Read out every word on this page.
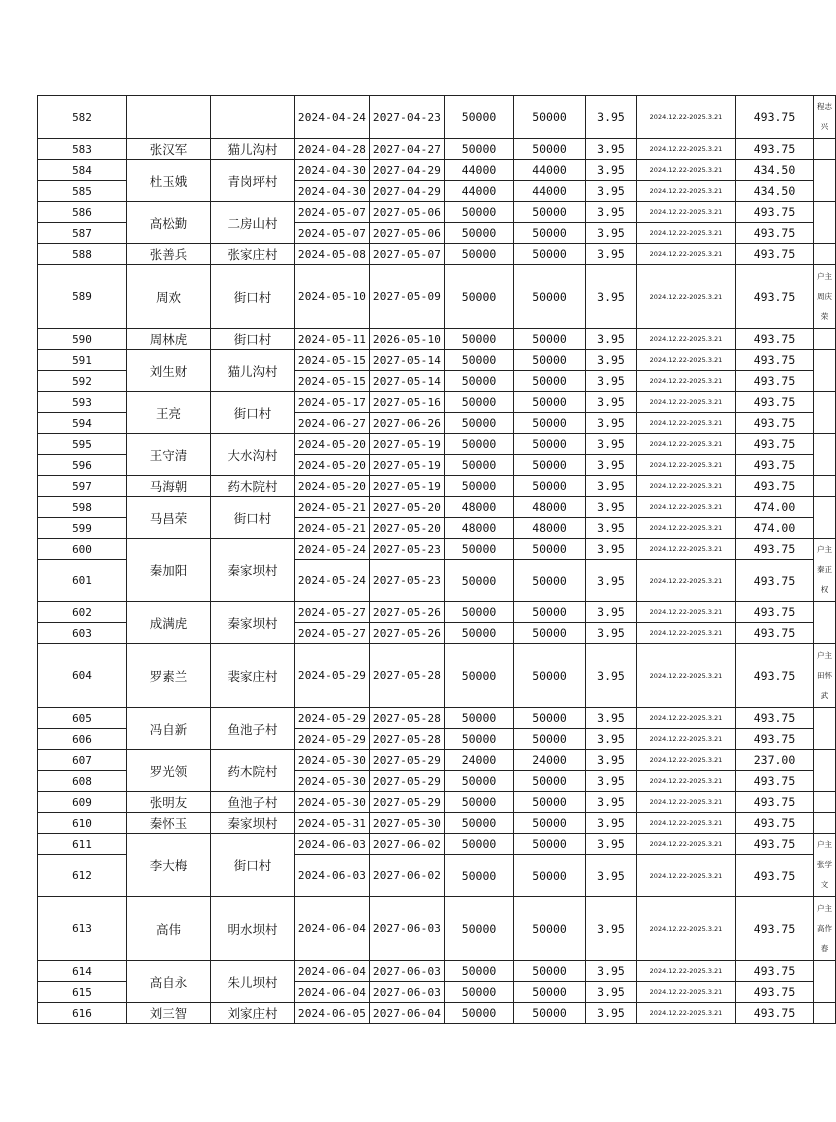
582			2024-04-24	2027-04-23	50000	50000	3.95	2024.12.22-2025.3.21	493.75	程志兴

583	张汉军	猫儿沟村	2024-04-28	2027-04-27	50000	50000	3.95	2024.12.22-2025.3.21	493.75	

584	杜玉娥	青岗坪村	2024-04-30	2027-04-29	44000	44000	3.95	2024.12.22-2025.3.21	434.50	

585			2024-04-30	2027-04-29	44000	44000	3.95	2024.12.22-2025.3.21	434.50	
586	高松勤	二房山村	2024-05-07	2027-05-06	50000	50000	3.95	2024.12.22-2025.3.21	493.75	

587			2024-05-07	2027-05-06	50000	50000	3.95	2024.12.22-2025.3.21	493.75	
588	张善兵	张家庄村	2024-05-08	2027-05-07	50000	50000	3.95	2024.12.22-2025.3.21	493.75	

589	周欢	街口村	2024-05-10	2027-05-09	50000	50000	3.95	2024.12.22-2025.3.21	493.75	户主周庆荣

590	周林虎	街口村	2024-05-11	2026-05-10	50000	50000	3.95	2024.12.22-2025.3.21	493.75	

591	刘生财	猫儿沟村	2024-05-15	2027-05-14	50000	50000	3.95	2024.12.22-2025.3.21	493.75	

592			2024-05-15	2027-05-14	50000	50000	3.95	2024.12.22-2025.3.21	493.75	
593	王亮	街口村	2024-05-17	2027-05-16	50000	50000	3.95	2024.12.22-2025.3.21	493.75	

594			2024-06-27	2027-06-26	50000	50000	3.95	2024.12.22-2025.3.21	493.75	
595	王守清	大水沟村	2024-05-20	2027-05-19	50000	50000	3.95	2024.12.22-2025.3.21	493.75	

596			2024-05-20	2027-05-19	50000	50000	3.95	2024.12.22-2025.3.21	493.75	
597	马海朝	药木院村	2024-05-20	2027-05-19	50000	50000	3.95	2024.12.22-2025.3.21	493.75	

598	马昌荣	街口村	2024-05-21	2027-05-20	48000	48000	3.95	2024.12.22-2025.3.21	474.00	

599			2024-05-21	2027-05-20	48000	48000	3.95	2024.12.22-2025.3.21	474.00	
600	秦加阳	秦家坝村	2024-05-24	2027-05-23	50000	50000	3.95	2024.12.22-2025.3.21	493.75	户主秦正权

601			2024-05-24	2027-05-23	50000	50000	3.95	2024.12.22-2025.3.21	493.75	
602	成满虎	秦家坝村	2024-05-27	2027-05-26	50000	50000	3.95	2024.12.22-2025.3.21	493.75	

603			2024-05-27	2027-05-26	50000	50000	3.95	2024.12.22-2025.3.21	493.75	
604	罗素兰	裴家庄村	2024-05-29	2027-05-28	50000	50000	3.95	2024.12.22-2025.3.21	493.75	户主田怀武

605	冯自新	鱼池子村	2024-05-29	2027-05-28	50000	50000	3.95	2024.12.22-2025.3.21	493.75	

606			2024-05-29	2027-05-28	50000	50000	3.95	2024.12.22-2025.3.21	493.75	
607	罗光领	药木院村	2024-05-30	2027-05-29	24000	24000	3.95	2024.12.22-2025.3.21	237.00	

608			2024-05-30	2027-05-29	50000	50000	3.95	2024.12.22-2025.3.21	493.75	
609	张明友	鱼池子村	2024-05-30	2027-05-29	50000	50000	3.95	2024.12.22-2025.3.21	493.75	

610	秦怀玉	秦家坝村	2024-05-31	2027-05-30	50000	50000	3.95	2024.12.22-2025.3.21	493.75	

611	李大梅	街口村	2024-06-03	2027-06-02	50000	50000	3.95	2024.12.22-2025.3.21	493.75	户主张学文

612			2024-06-03	2027-06-02	50000	50000	3.95	2024.12.22-2025.3.21	493.75	
613	高伟	明水坝村	2024-06-04	2027-06-03	50000	50000	3.95	2024.12.22-2025.3.21	493.75	户主高作春

614	高自永	朱儿坝村	2024-06-04	2027-06-03	50000	50000	3.95	2024.12.22-2025.3.21	493.75	

615			2024-06-04	2027-06-03	50000	50000	3.95	2024.12.22-2025.3.21	493.75	
616	刘三智	刘家庄村	2024-06-05	2027-06-04	50000	50000	3.95	2024.12.22-2025.3.21	493.75	
